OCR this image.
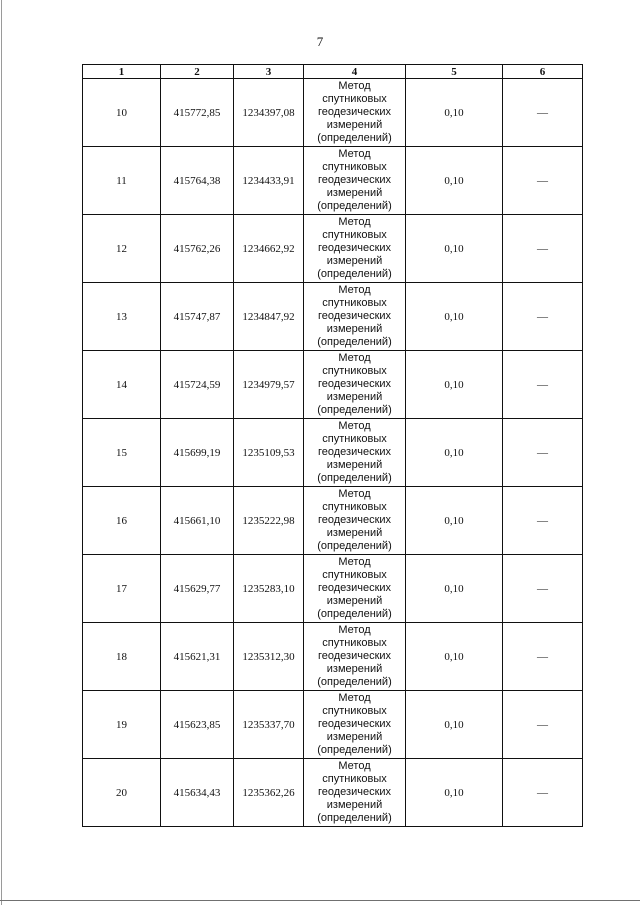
7
1	2	3	4	5	6
10	415772,85	1234397,08	Метод
спутниковых
геодезических
измерений
(определений)	0,10	—
11	415764,38	1234433,91	Метод
спутниковых
геодезических
измерений
(определений)	0,10	—
12	415762,26	1234662,92	Метод
спутниковых
геодезических
измерений
(определений)	0,10	—
13	415747,87	1234847,92	Метод
спутниковых
геодезических
измерений
(определений)	0,10	—
14	415724,59	1234979,57	Метод
спутниковых
геодезических
измерений
(определений)	0,10	—
15	415699,19	1235109,53	Метод
спутниковых
геодезических
измерений
(определений)	0,10	—
16	415661,10	1235222,98	Метод
спутниковых
геодезических
измерений
(определений)	0,10	—
17	415629,77	1235283,10	Метод
спутниковых
геодезических
измерений
(определений)	0,10	—
18	415621,31	1235312,30	Метод
спутниковых
геодезических
измерений
(определений)	0,10	—
19	415623,85	1235337,70	Метод
спутниковых
геодезических
измерений
(определений)	0,10	—
20	415634,43	1235362,26	Метод
спутниковых
геодезических
измерений
(определений)	0,10	—
